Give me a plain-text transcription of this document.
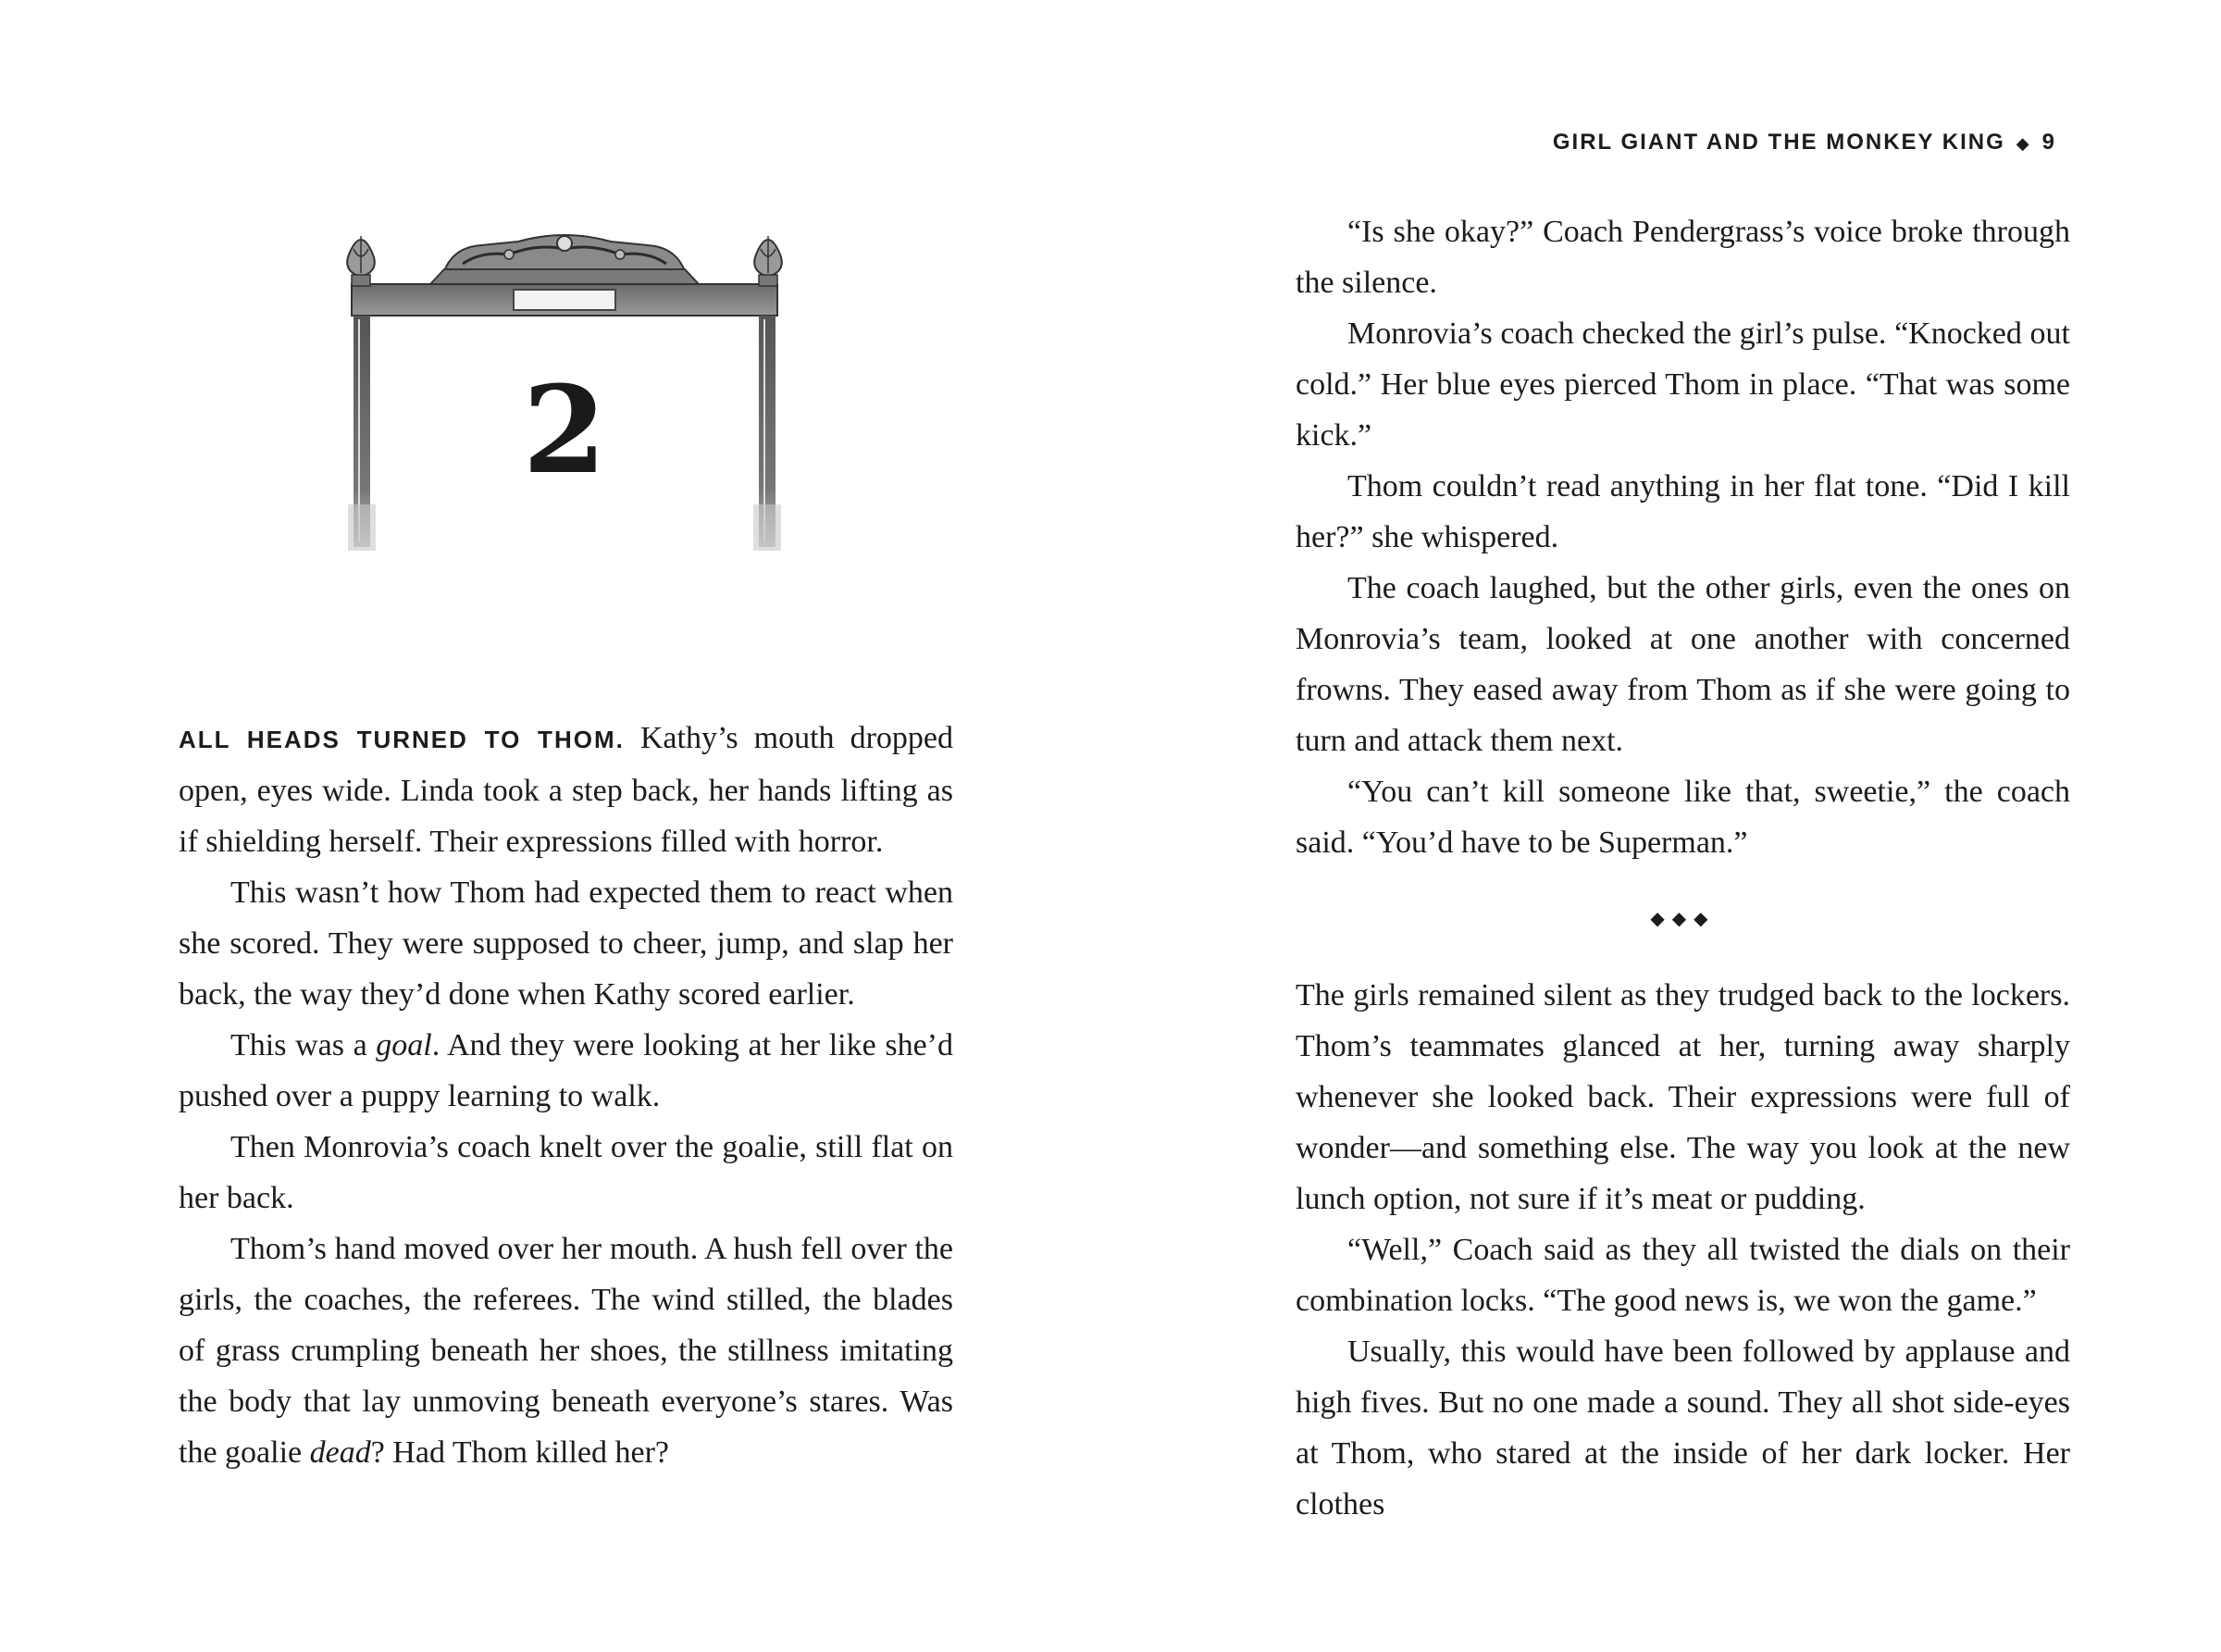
2

ALL HEADS TURNED TO THOM. Kathy’s mouth dropped open, eyes wide. Linda took a step back, her hands lifting as if shielding herself. Their expressions filled with horror.

This wasn’t how Thom had expected them to react when she scored. They were supposed to cheer, jump, and slap her back, the way they’d done when Kathy scored earlier.

This was a goal. And they were looking at her like she’d pushed over a puppy learning to walk.

Then Monrovia’s coach knelt over the goalie, still flat on her back.

Thom’s hand moved over her mouth. A hush fell over the girls, the coaches, the referees. The wind stilled, the blades of grass crumpling beneath her shoes, the stillness imitating the body that lay unmoving beneath everyone’s stares. Was the goalie dead? Had Thom killed her?

GIRL GIANT AND THE MONKEY KING ◆ 9

“Is she okay?” Coach Pendergrass’s voice broke through the silence.

Monrovia’s coach checked the girl’s pulse. “Knocked out cold.” Her blue eyes pierced Thom in place. “That was some kick.”

Thom couldn’t read anything in her flat tone. “Did I kill her?” she whispered.

The coach laughed, but the other girls, even the ones on Monrovia’s team, looked at one another with concerned frowns. They eased away from Thom as if she were going to turn and attack them next.

“You can’t kill someone like that, sweetie,” the coach said. “You’d have to be Superman.”

◆◆◆

The girls remained silent as they trudged back to the lockers. Thom’s teammates glanced at her, turning away sharply whenever she looked back. Their expressions were full of wonder—and something else. The way you look at the new lunch option, not sure if it’s meat or pudding.

“Well,” Coach said as they all twisted the dials on their combination locks. “The good news is, we won the game.”

Usually, this would have been followed by applause and high fives. But no one made a sound. They all shot side-eyes at Thom, who stared at the inside of her dark locker. Her clothes
